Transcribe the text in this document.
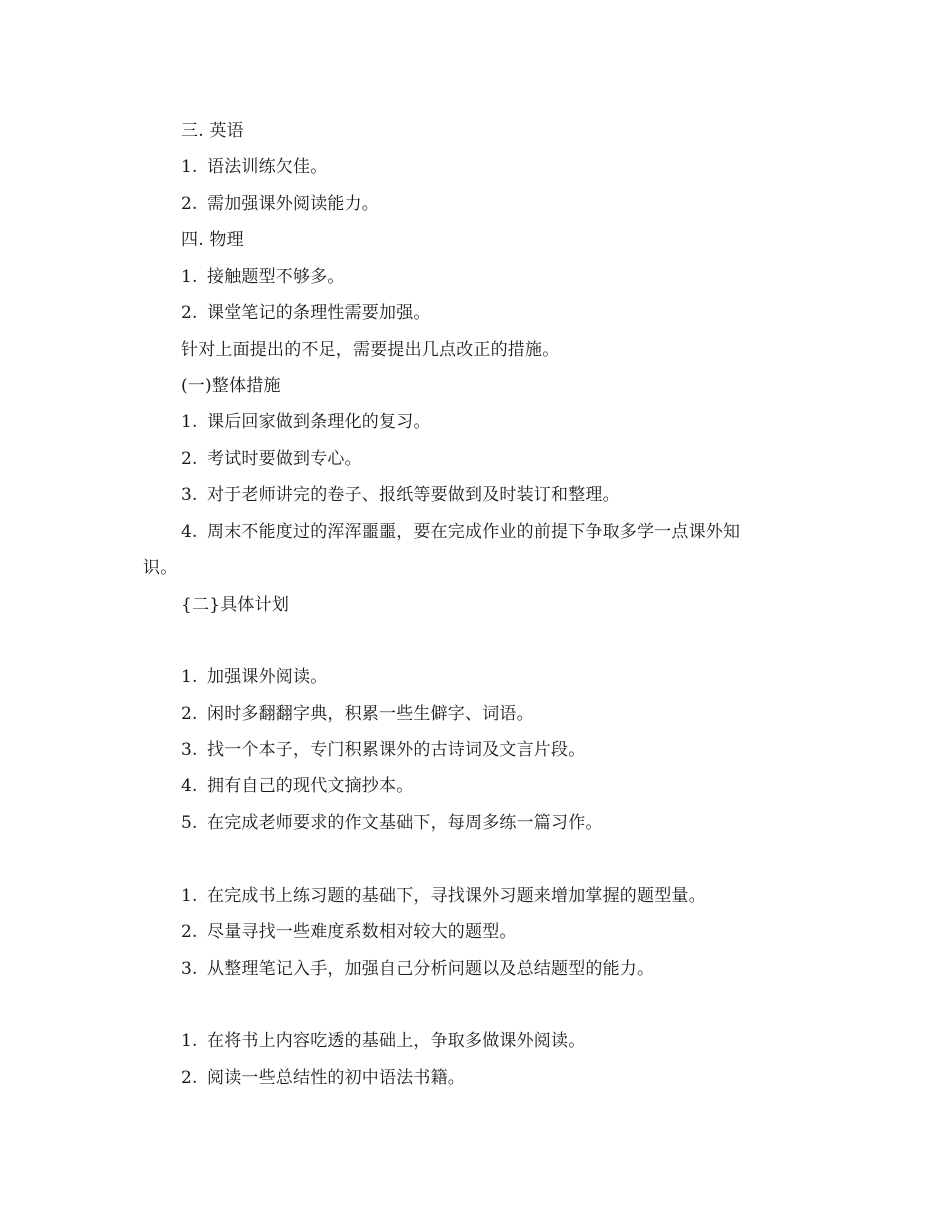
三. 英语
1. 语法训练欠佳。
2. 需加强课外阅读能力。
四. 物理
1. 接触题型不够多。
2. 课堂笔记的条理性需要加强。
针对上面提出的不足，需要提出几点改正的措施。
(一)整体措施
1. 课后回家做到条理化的复习。
2. 考试时要做到专心。
3. 对于老师讲完的卷子、报纸等要做到及时装订和整理。
4. 周末不能度过的浑浑噩噩，要在完成作业的前提下争取多学一点课外知
识。
{二}具体计划
1. 加强课外阅读。
2. 闲时多翻翻字典，积累一些生僻字、词语。
3. 找一个本子，专门积累课外的古诗词及文言片段。
4. 拥有自己的现代文摘抄本。
5. 在完成老师要求的作文基础下，每周多练一篇习作。
1. 在完成书上练习题的基础下，寻找课外习题来增加掌握的题型量。
2. 尽量寻找一些难度系数相对较大的题型。
3. 从整理笔记入手，加强自己分析问题以及总结题型的能力。
1. 在将书上内容吃透的基础上，争取多做课外阅读。
2. 阅读一些总结性的初中语法书籍。
